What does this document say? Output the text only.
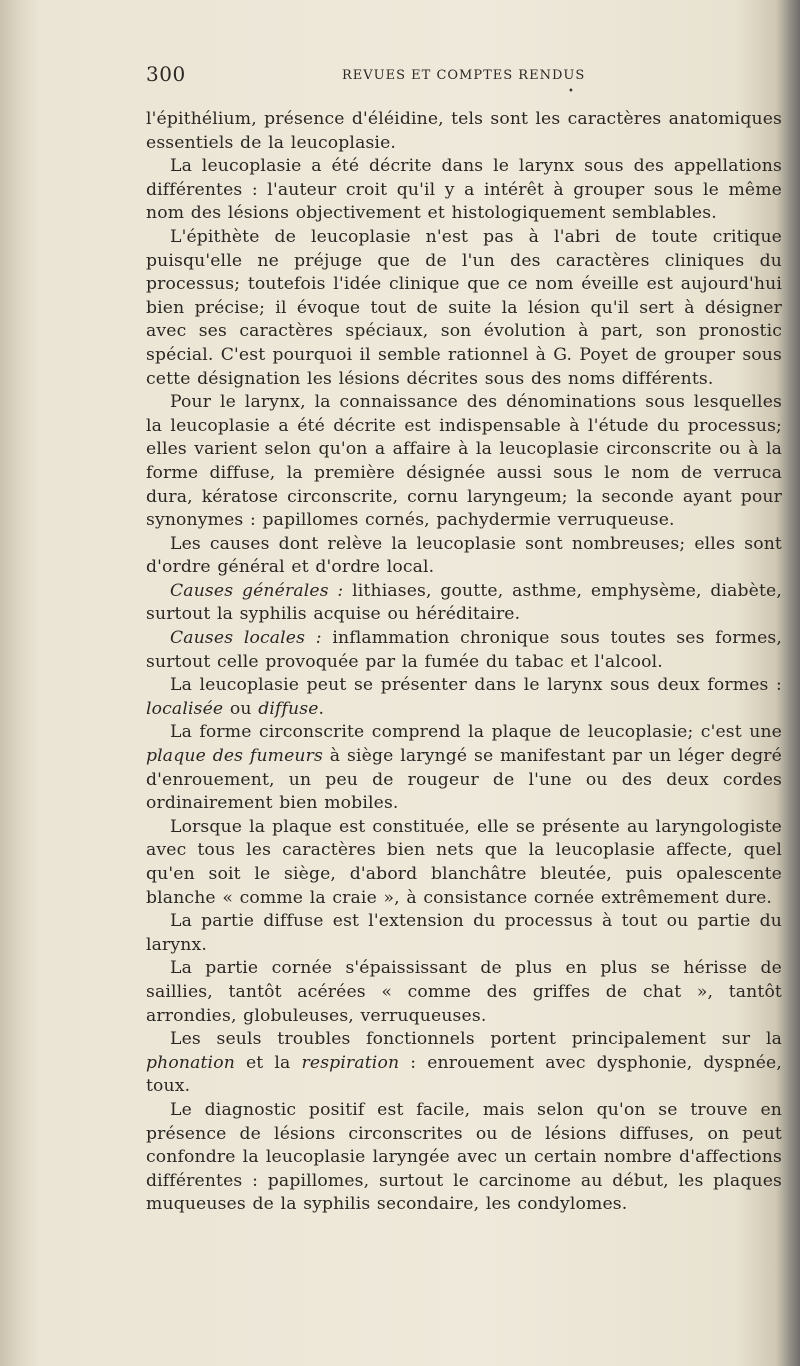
300	REVUES ET COMPTES RENDUS
•

l'épithélium, présence d'éléidine, tels sont les caractères anatomiques essentiels de la leucoplasie.

La leucoplasie a été décrite dans le larynx sous des appellations différentes : l'auteur croit qu'il y a intérêt à grouper sous le même nom des lésions objectivement et histologiquement semblables.

L'épithète de leucoplasie n'est pas à l'abri de toute critique puisqu'elle ne préjuge que de l'un des caractères cliniques du processus; toutefois l'idée clinique que ce nom éveille est aujourd'hui bien précise; il évoque tout de suite la lésion qu'il sert à désigner avec ses caractères spéciaux, son évolution à part, son pronostic spécial. C'est pourquoi il semble rationnel à G. Poyet de grouper sous cette désignation les lésions décrites sous des noms différents.

Pour le larynx, la connaissance des dénominations sous lesquelles la leucoplasie a été décrite est indispensable à l'étude du processus; elles varient selon qu'on a affaire à la leucoplasie circonscrite ou à la forme diffuse, la première désignée aussi sous le nom de verruca dura, kératose circonscrite, cornu laryngeum; la seconde ayant pour synonymes : papillomes cornés, pachydermie verruqueuse.

Les causes dont relève la leucoplasie sont nombreuses; elles sont d'ordre général et d'ordre local.

Causes générales : lithiases, goutte, asthme, emphysème, diabète, surtout la syphilis acquise ou héréditaire.

Causes locales : inflammation chronique sous toutes ses formes, surtout celle provoquée par la fumée du tabac et l'alcool.

La leucoplasie peut se présenter dans le larynx sous deux formes : localisée ou diffuse.

La forme circonscrite comprend la plaque de leucoplasie; c'est une plaque des fumeurs à siège laryngé se manifestant par un léger degré d'enrouement, un peu de rougeur de l'une ou des deux cordes ordinairement bien mobiles.

Lorsque la plaque est constituée, elle se présente au laryngologiste avec tous les caractères bien nets que la leucoplasie affecte, quel qu'en soit le siège, d'abord blanchâtre bleutée, puis opalescente blanche « comme la craie », à consistance cornée extrêmement dure.

La partie diffuse est l'extension du processus à tout ou partie du larynx.

La partie cornée s'épaississant de plus en plus se hérisse de saillies, tantôt acérées « comme des griffes de chat », tantôt arrondies, globuleuses, verruqueuses.

Les seuls troubles fonctionnels portent principalement sur la phonation et la respiration : enrouement avec dysphonie, dyspnée, toux.

Le diagnostic positif est facile, mais selon qu'on se trouve en présence de lésions circonscrites ou de lésions diffuses, on peut confondre la leucoplasie laryngée avec un certain nombre d'affections différentes : papillomes, surtout le carcinome au début, les plaques muqueuses de la syphilis secondaire, les condylomes.
